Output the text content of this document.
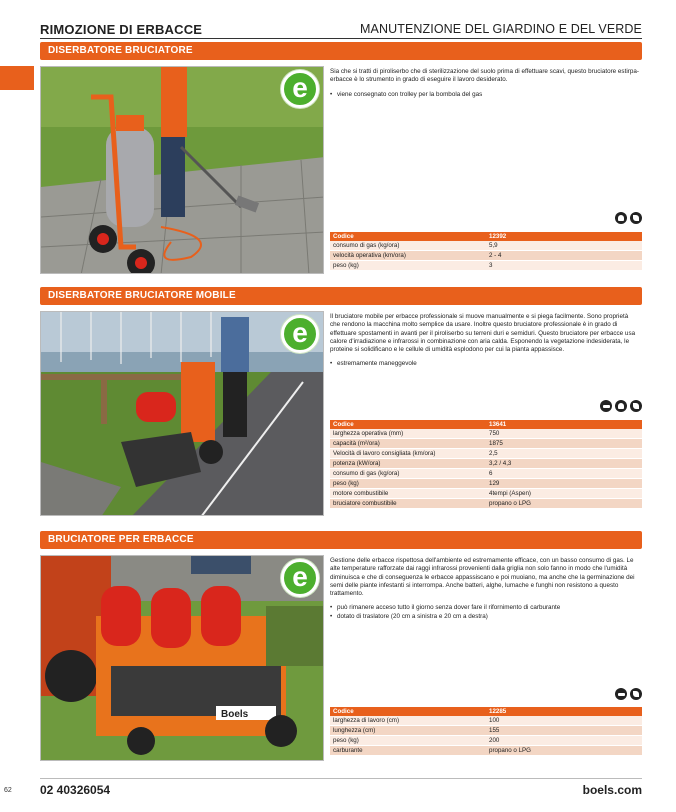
62
RIMOZIONE DI ERBACCE	MANUTENZIONE DEL GIARDINO E DEL VERDE
DISERBATORE BRUCIATORE
e

Sia che si tratti di piroliserbo che di sterilizzazione del suolo prima di effettuare scavi, questo bruciatore estirpa-erbacce è lo strumento in grado di eseguire il lavoro desiderato.

• viene consegnato con trolley per la bombola del gas
Codice	12392
consumo di gas (kg/ora)	5,9
velocità operativa (km/ora)	2 - 4
peso (kg)	3
DISERBATORE BRUCIATORE MOBILE
e

Il bruciatore mobile per erbacce professionale si muove manualmente e si piega facilmente. Sono proprietà che rendono la macchina molto semplice da usare. Inoltre questo bruciatore professionale è in grado di effettuare spostamenti in avanti per il piroliserbo su terreni duri e semiduri. Questo bruciatore per erbacce usa calore d'irradiazione e infrarossi in combinazione con aria calda. Esponendo la vegetazione indesiderata, le proteine si solidificano e le cellule di umidità esplodono per cui la pianta appassisce.

• estremamente maneggevole
Codice	13641
larghezza operativa (mm)	750
capacità (m²/ora)	1875
Velocità di lavoro consigliata (km/ora)	2,5
potenza (kW/ora)	3,2 / 4,3
consumo di gas (kg/ora)	6
peso (kg)	129
motore combustibile	4tempi (Aspen)
bruciatore combustibile	propano o LPG
BRUCIATORE PER ERBACCE
Boels
e

Gestione delle erbacce rispettosa dell'ambiente ed estremamente efficace, con un basso consumo di gas. Le alte temperature rafforzate dai raggi infrarossi provenienti dalla griglia non solo fanno in modo che l'umidità diminuisca e che di conseguenza le erbacce appassiscano e poi muoiano, ma anche che la germinazione dei semi delle piante infestanti si interrompa. Anche batteri, alghe, lumache e funghi non resistono a questo trattamento.

• può rimanere acceso tutto il giorno senza dover fare il rifornimento di carburante
• dotato di traslatore (20 cm a sinistra e 20 cm a destra)
Codice	12285
larghezza di lavoro (cm)	100
lunghezza (cm)	155
peso (kg)	200
carburante	propano o LPG
02 40326054	boels.com
